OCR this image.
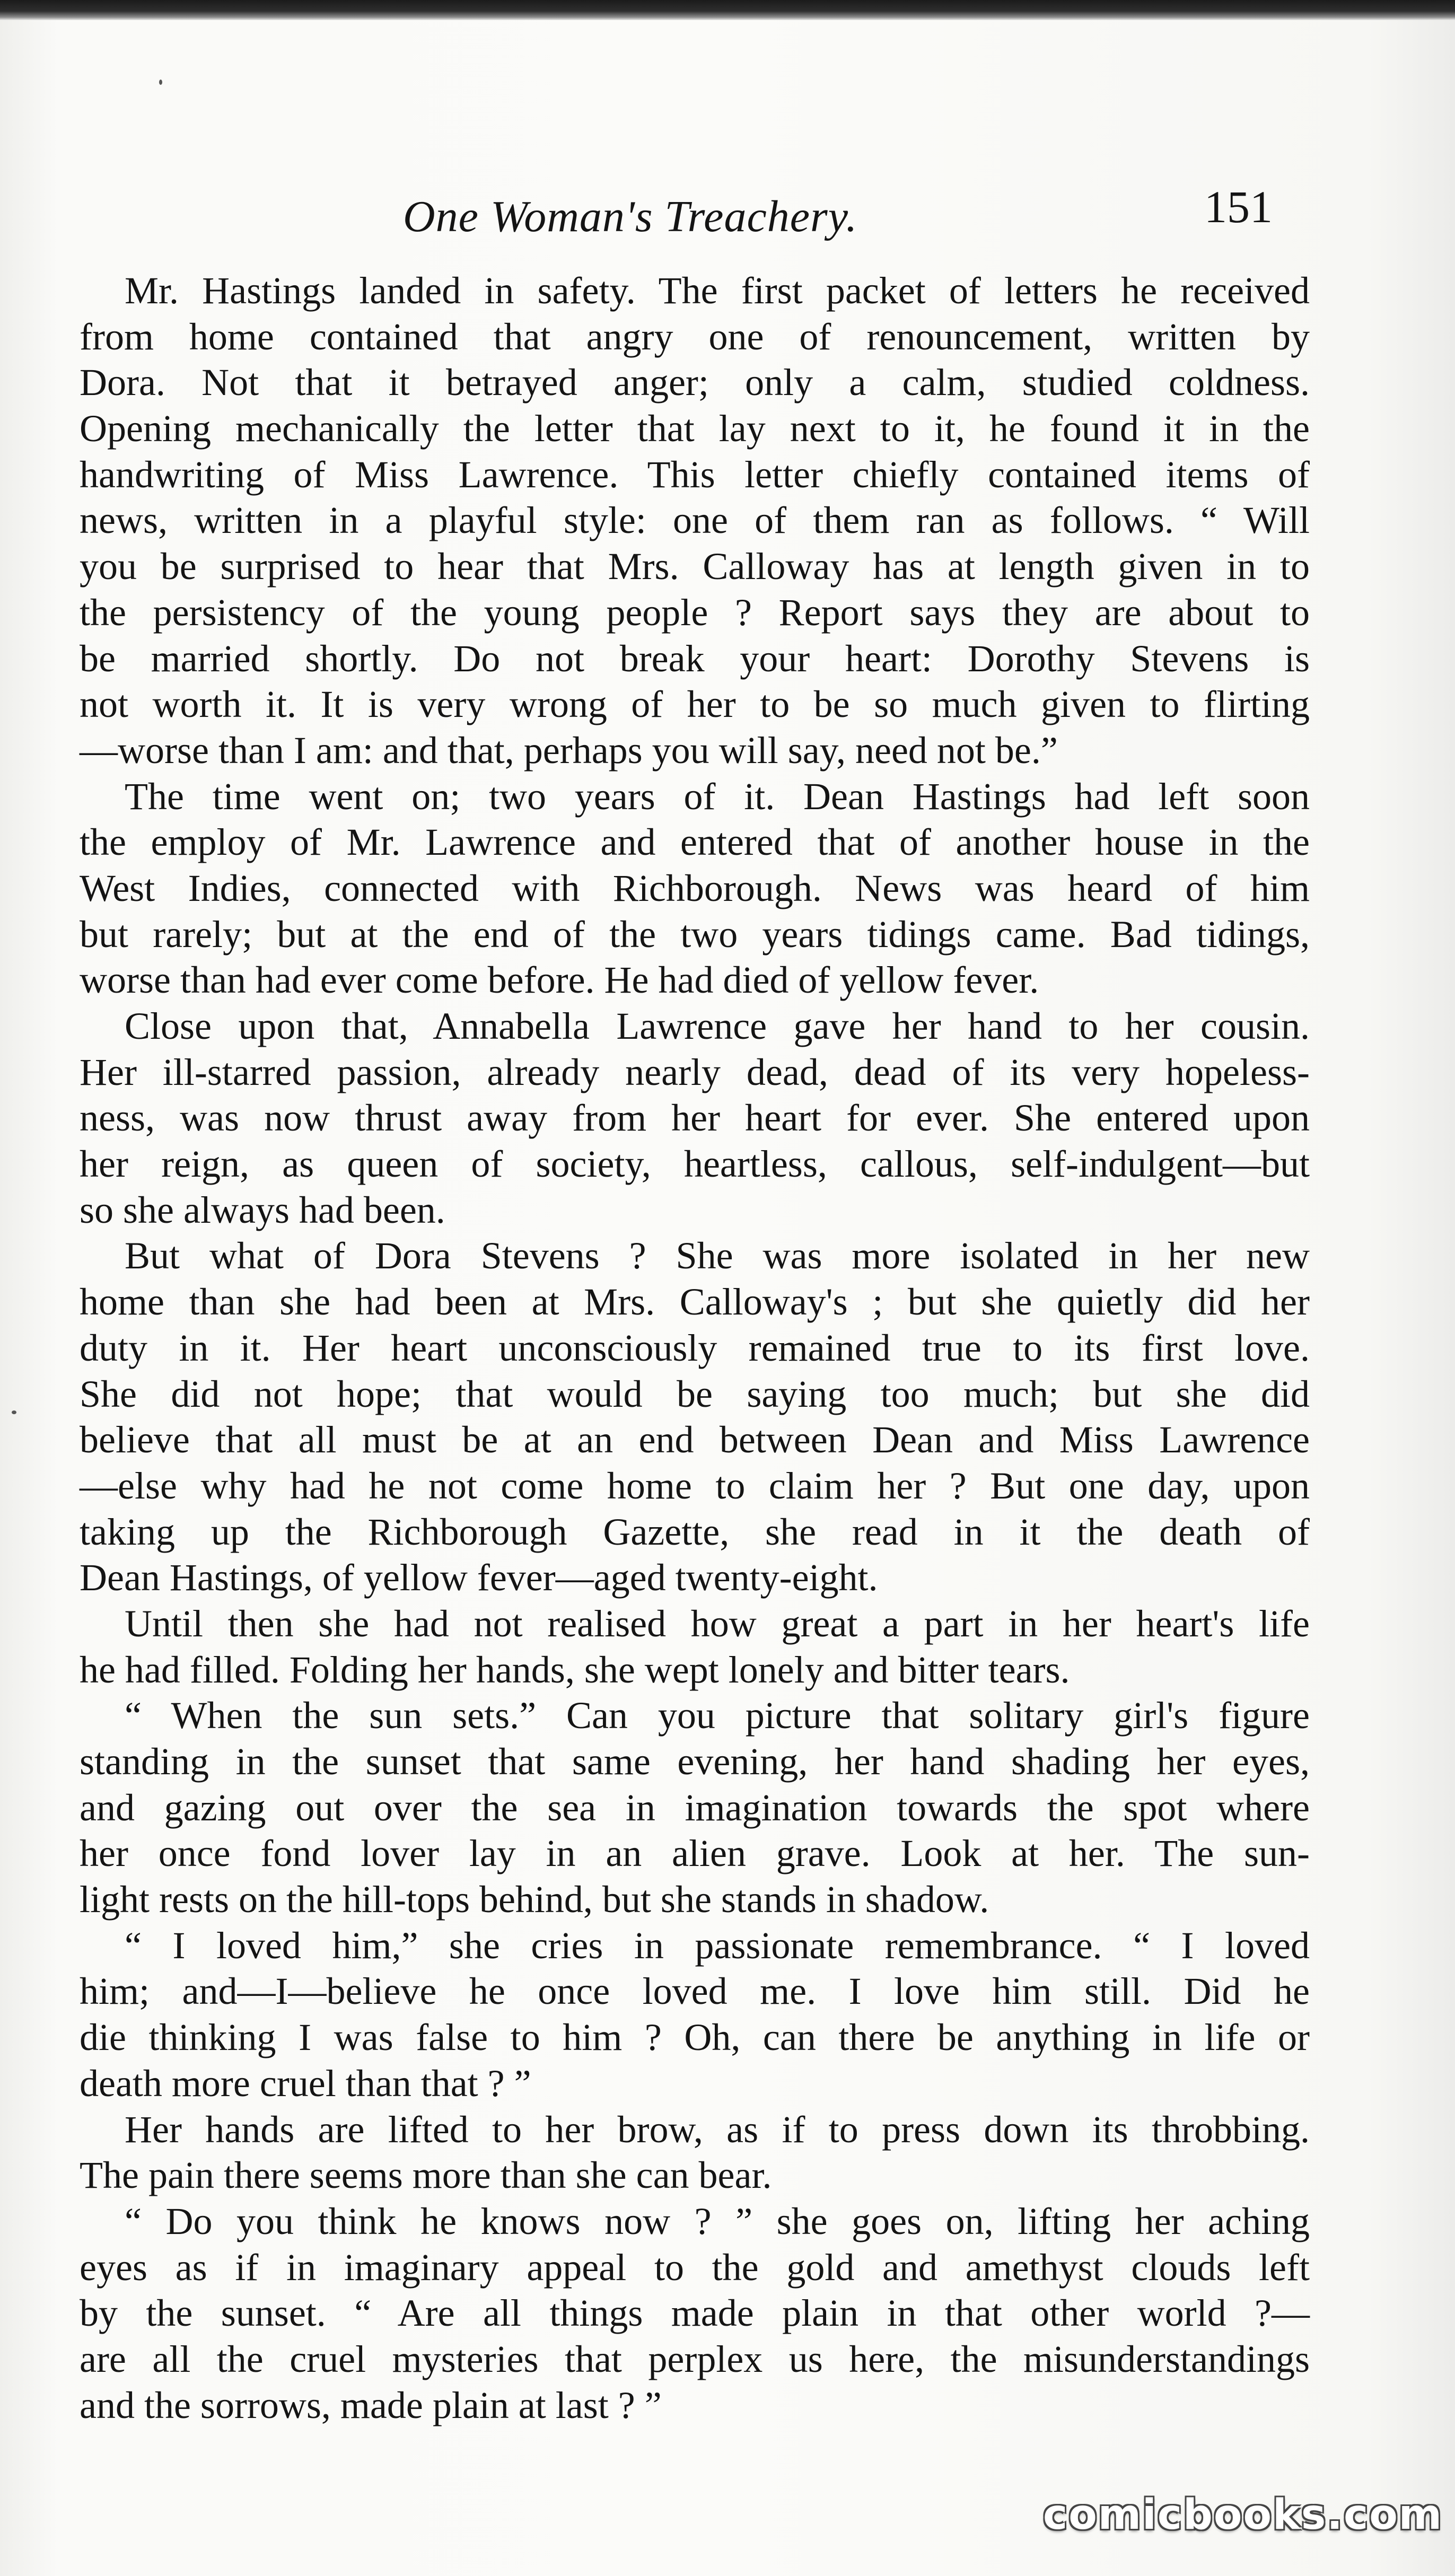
One Woman's Treachery.	151
Mr. Hastings landed in safety. The first packet of letters he received
from home contained that angry one of renouncement, written by
Dora. Not that it betrayed anger; only a calm, studied coldness.
Opening mechanically the letter that lay next to it, he found it in the
handwriting of Miss Lawrence. This letter chiefly contained items of
news, written in a playful style: one of them ran as follows. “ Will
you be surprised to hear that Mrs. Calloway has at length given in to
the persistency of the young people ? Report says they are about to
be married shortly. Do not break your heart: Dorothy Stevens is
not worth it. It is very wrong of her to be so much given to flirting
—worse than I am: and that, perhaps you will say, need not be.”
The time went on; two years of it. Dean Hastings had left soon
the employ of Mr. Lawrence and entered that of another house in the
West Indies, connected with Richborough. News was heard of him
but rarely; but at the end of the two years tidings came. Bad tidings,
worse than had ever come before. He had died of yellow fever.
Close upon that, Annabella Lawrence gave her hand to her cousin.
Her ill-starred passion, already nearly dead, dead of its very hopeless-
ness, was now thrust away from her heart for ever. She entered upon
her reign, as queen of society, heartless, callous, self-indulgent—but
so she always had been.
But what of Dora Stevens ? She was more isolated in her new
home than she had been at Mrs. Calloway's ; but she quietly did her
duty in it. Her heart unconsciously remained true to its first love.
She did not hope; that would be saying too much; but she did
believe that all must be at an end between Dean and Miss Lawrence
—else why had he not come home to claim her ? But one day, upon
taking up the Richborough Gazette, she read in it the death of
Dean Hastings, of yellow fever—aged twenty-eight.
Until then she had not realised how great a part in her heart's life
he had filled. Folding her hands, she wept lonely and bitter tears.
“ When the sun sets.” Can you picture that solitary girl's figure
standing in the sunset that same evening, her hand shading her eyes,
and gazing out over the sea in imagination towards the spot where
her once fond lover lay in an alien grave. Look at her. The sun-
light rests on the hill-tops behind, but she stands in shadow.
“ I loved him,” she cries in passionate remembrance. “ I loved
him; and—I—believe he once loved me. I love him still. Did he
die thinking I was false to him ? Oh, can there be anything in life or
death more cruel than that ? ”
Her hands are lifted to her brow, as if to press down its throbbing.
The pain there seems more than she can bear.
“ Do you think he knows now ? ” she goes on, lifting her aching
eyes as if in imaginary appeal to the gold and amethyst clouds left
by the sunset. “ Are all things made plain in that other world ?—
are all the cruel mysteries that perplex us here, the misunderstandings
and the sorrows, made plain at last ? ”
comicbooks.com
